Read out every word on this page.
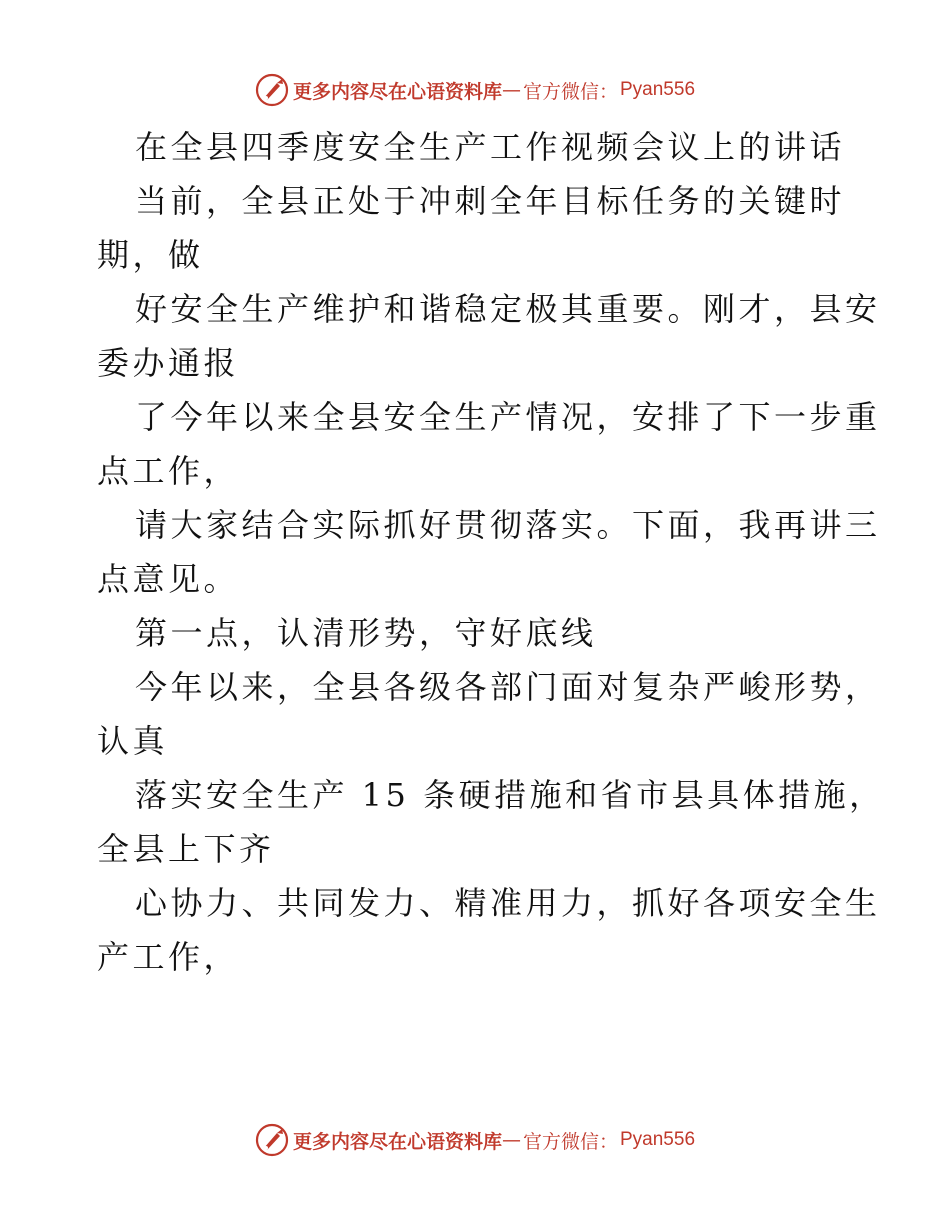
更多内容尽在心语资料库 — 官方微信： Pyan556
在全县四季度安全生产工作视频会议上的讲话
当前，全县正处于冲刺全年目标任务的关键时
期，做
好安全生产维护和谐稳定极其重要。刚才，县安
委办通报
了今年以来全县安全生产情况，安排了下一步重
点工作，
请大家结合实际抓好贯彻落实。下面，我再讲三
点意见。
第一点，认清形势，守好底线
今年以来，全县各级各部门面对复杂严峻形势，
认真
落实安全生产 15 条硬措施和省市县具体措施，
全县上下齐
心协力、共同发力、精准用力，抓好各项安全生
产工作，
更多内容尽在心语资料库 — 官方微信： Pyan556
